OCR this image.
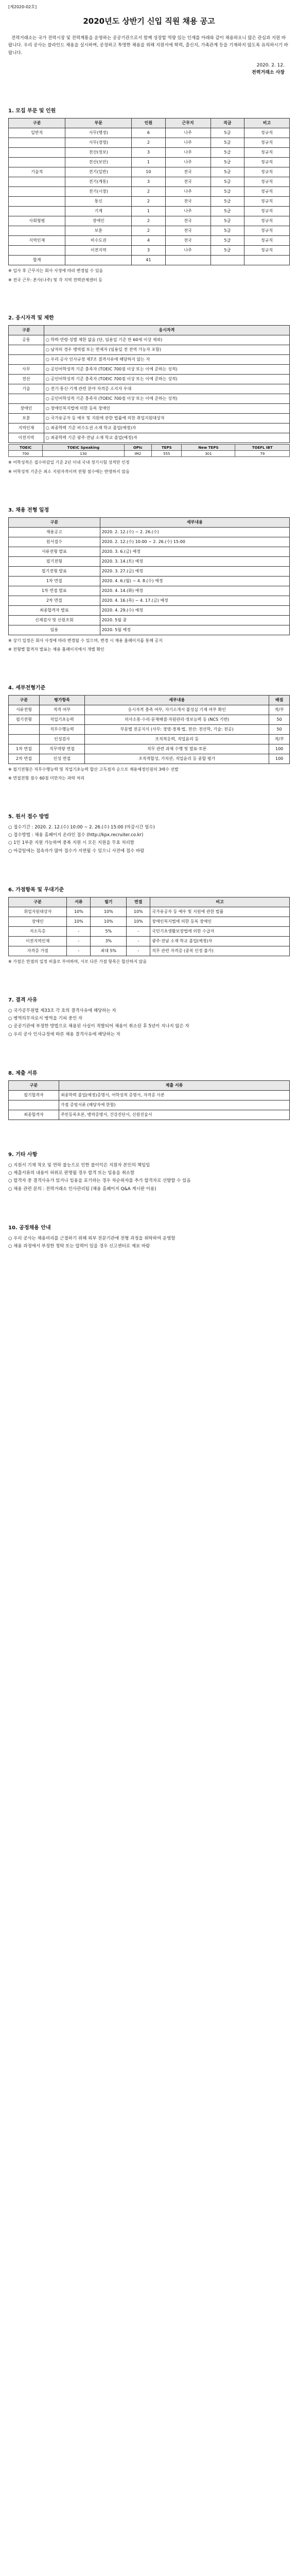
[제2020-02호]
2020년도 상반기 신입 직원 채용 공고
전력거래소는 국가 전력시장 및 전력계통을 운영하는 공공기관으로서 함께 성장할 역량 있는 인재를 아래와 같이 채용하오니 많은 관심과 지원 바랍니다. 우리 공사는 블라인드 채용을 실시하며, 공정하고 투명한 채용을 위해 지원서에 학력, 출신지, 가족관계 등을 기재하지 않도록 유의하시기 바랍니다.
2020. 2. 12.
전력거래소 사장
1. 모집 부문 및 인원
구분	부문	인원	근무지	직급	비고
일반직	사무(행정)	6	나주	5급	정규직
	사무(경영)	2	나주	5급	정규직
	전산(정보)	3	나주	5급	정규직
	전산(보안)	1	나주	5급	정규직
기술직	전기(일반)	10	전국	5급	정규직
	전기(계통)	3	전국	5급	정규직
	전기(시장)	2	나주	5급	정규직
	통신	2	전국	5급	정규직
	기계	1	나주	5급	정규직
사회형평	장애인	2	전국	5급	정규직
	보훈	2	전국	5급	정규직
지역인재	비수도권	4	전국	5급	정규직
	이전지역	3	나주	5급	정규직
합계		41			
※ 입사 후 근무지는 회사 사정에 따라 변경될 수 있음
※ 전국 근무: 본사(나주) 및 각 지역 전력관제센터 등
2. 응시자격 및 제한
구분	응시자격
공통	○ 학력·연령·성별 제한 없음 (단, 임용일 기준 만 60세 이상 제외)
	○ 남자의 경우 병역필 또는 면제자 (임용일 전 전역 가능자 포함)
	○ 우리 공사 인사규정 제7조 결격사유에 해당하지 않는 자
사무	○ 공인어학성적 기준 충족자 (TOEIC 700점 이상 또는 이에 준하는 성적)
전산	○ 공인어학성적 기준 충족자 (TOEIC 700점 이상 또는 이에 준하는 성적)
기술	○ 전기·통신·기계 관련 분야 자격증 소지자 우대
	○ 공인어학성적 기준 충족자 (TOEIC 700점 이상 또는 이에 준하는 성적)
장애인	○ 장애인복지법에 의한 등록 장애인
보훈	○ 국가유공자 등 예우 및 지원에 관한 법률에 의한 취업지원대상자
지역인재	○ 최종학력 기준 비수도권 소재 학교 졸업(예정)자
이전지역	○ 최종학력 기준 광주·전남 소재 학교 졸업(예정)자
TOEIC	TOEIC Speaking	OPIc	TEPS	New TEPS	TOEFL IBT
700	130	IM2	555	301	79
※ 어학성적은 접수마감일 기준 2년 이내 국내 정기시험 성적만 인정
※ 어학성적 기준은 최소 지원자격이며 전형 점수에는 반영하지 않음
3. 채용 전형 일정
구분	세부내용
채용공고	2020. 2. 12.(수) ~ 2. 26.(수)
원서접수	2020. 2. 12.(수) 10:00 ~ 2. 26.(수) 15:00
서류전형 발표	2020. 3. 6.(금) 예정
필기전형	2020. 3. 14.(토) 예정
필기전형 발표	2020. 3. 27.(금) 예정
1차 면접	2020. 4. 6.(월) ~ 4. 8.(수) 예정
1차 면접 발표	2020. 4. 14.(화) 예정
2차 면접	2020. 4. 16.(목) ~ 4. 17.(금) 예정
최종합격자 발표	2020. 4. 29.(수) 예정
신체검사 및 신원조회	2020. 5월 중
임용	2020. 5월 예정
※ 상기 일정은 회사 사정에 따라 변경될 수 있으며, 변경 시 채용 홈페이지를 통해 공지
※ 전형별 합격자 발표는 채용 홈페이지에서 개별 확인
4. 세부전형기준
구분	평가항목	세부내용	배점
서류전형	적격 여부	응시자격 충족 여부, 자기소개서 불성실 기재 여부 확인	적/부
필기전형	직업기초능력	의사소통·수리·문제해결·자원관리·정보능력 등 (NCS 기반)	50
	직무수행능력	부문별 전공지식 (사무: 경영·경제·법, 전산: 전산학, 기술: 전공)	50
	인성검사	조직적응력, 직업윤리 등	적/부
1차 면접	직무역량 면접	직무 관련 과제 수행 및 발표·토론	100
2차 면접	인성 면접	조직적합성, 가치관, 직업윤리 등 종합 평가	100
※ 필기전형은 직무수행능력 및 직업기초능력 합산 고득점자 순으로 채용예정인원의 3배수 선발
※ 면접전형 점수 60점 미만자는 과락 처리
5. 원서 접수 방법
○ 접수기간 : 2020. 2. 12.(수) 10:00 ~ 2. 26.(수) 15:00 (마감시간 엄수)
○ 접수방법 : 채용 홈페이지 온라인 접수 (http://kpx.recruiter.co.kr)
○ 1인 1부문 지원 가능하며 중복 지원 시 모든 지원을 무효 처리함
○ 마감일에는 접속자가 많아 접수가 지연될 수 있으니 사전에 접수 바람
6. 가점항목 및 우대기준
구분	서류	필기	면접	비고
취업지원대상자	10%	10%	10%	국가유공자 등 예우 및 지원에 관한 법률
장애인	10%	10%	10%	장애인복지법에 의한 등록 장애인
저소득층	-	5%	-	국민기초생활보장법에 의한 수급자
이전지역인재	-	3%	-	광주·전남 소재 학교 졸업(예정)자
자격증 가점	-	최대 5%	-	직무 관련 자격증 (중복 인정 불가)
※ 가점은 만점의 일정 비율로 부여하며, 서로 다른 가점 항목은 합산하지 않음
7. 결격 사유
○ 국가공무원법 제33조 각 호의 결격사유에 해당하는 자
○ 병역의무자로서 병역을 기피 중인 자
○ 공공기관에 부정한 방법으로 채용된 사실이 적발되어 채용이 취소된 후 5년이 지나지 않은 자
○ 우리 공사 인사규정에 따른 채용 결격사유에 해당하는 자
8. 제출 서류
구분	제출 서류
필기합격자	최종학력 졸업(예정)증명서, 어학성적 증명서, 자격증 사본
	가점 증빙서류 (해당자에 한함)
최종합격자	주민등록초본, 병역증명서, 건강진단서, 신원진술서
9. 기타 사항
○ 지원서 기재 착오 및 연락 불능으로 인한 불이익은 지원자 본인의 책임임
○ 제출서류의 내용이 허위로 판명될 경우 합격 또는 임용을 취소함
○ 합격자 중 결격사유가 있거나 임용을 포기하는 경우 차순위자를 추가 합격자로 선발할 수 있음
○ 채용 관련 문의 : 전력거래소 인사관리팀 (채용 홈페이지 Q&A 게시판 이용)
10. 공정채용 안내
○ 우리 공사는 채용비리를 근절하기 위해 외부 전문기관에 전형 과정을 위탁하여 운영함
○ 채용 과정에서 부정한 청탁 또는 압력이 있을 경우 신고센터로 제보 바람
